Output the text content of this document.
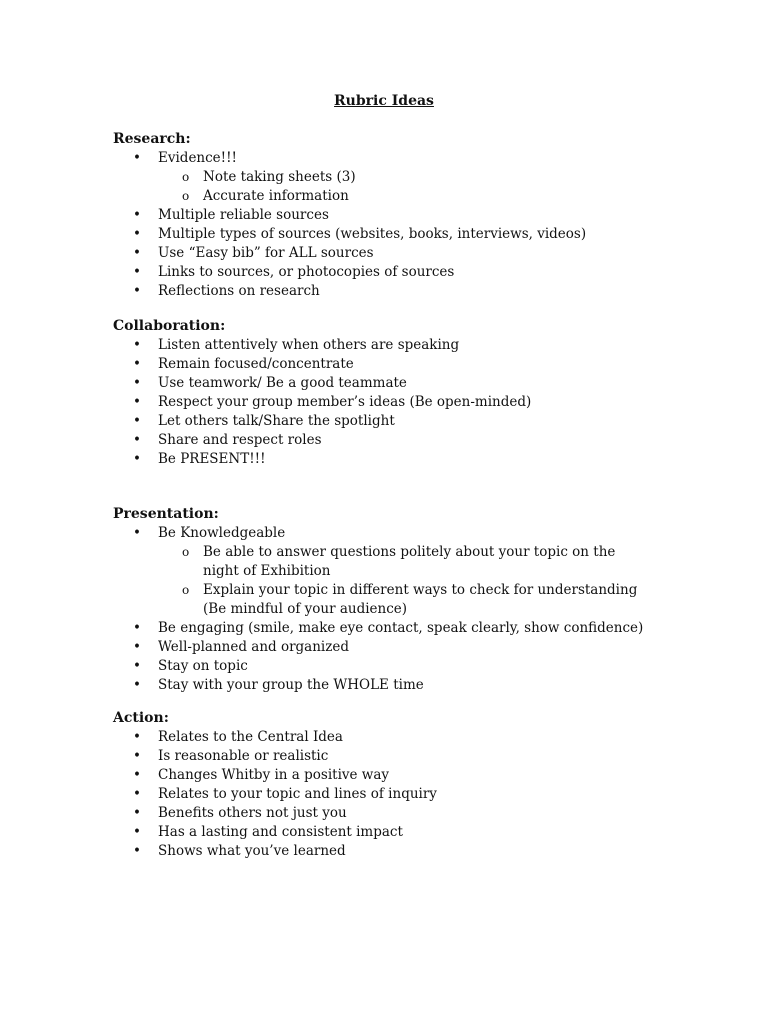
Rubric Ideas
Research:
• Evidence!!!
o Note taking sheets (3)
o Accurate information
• Multiple reliable sources
• Multiple types of sources (websites, books, interviews, videos)
• Use “Easy bib” for ALL sources
• Links to sources, or photocopies of sources
• Reflections on research
Collaboration:
• Listen attentively when others are speaking
• Remain focused/concentrate
• Use teamwork/ Be a good teammate
• Respect your group member’s ideas (Be open-minded)
• Let others talk/Share the spotlight
• Share and respect roles
• Be PRESENT!!!
Presentation:
• Be Knowledgeable
o Be able to answer questions politely about your topic on the night of Exhibition
o Explain your topic in different ways to check for understanding (Be mindful of your audience)
• Be engaging (smile, make eye contact, speak clearly, show confidence)
• Well-planned and organized
• Stay on topic
• Stay with your group the WHOLE time
Action:
• Relates to the Central Idea
• Is reasonable or realistic
• Changes Whitby in a positive way
• Relates to your topic and lines of inquiry
• Benefits others not just you
• Has a lasting and consistent impact
• Shows what you’ve learned
